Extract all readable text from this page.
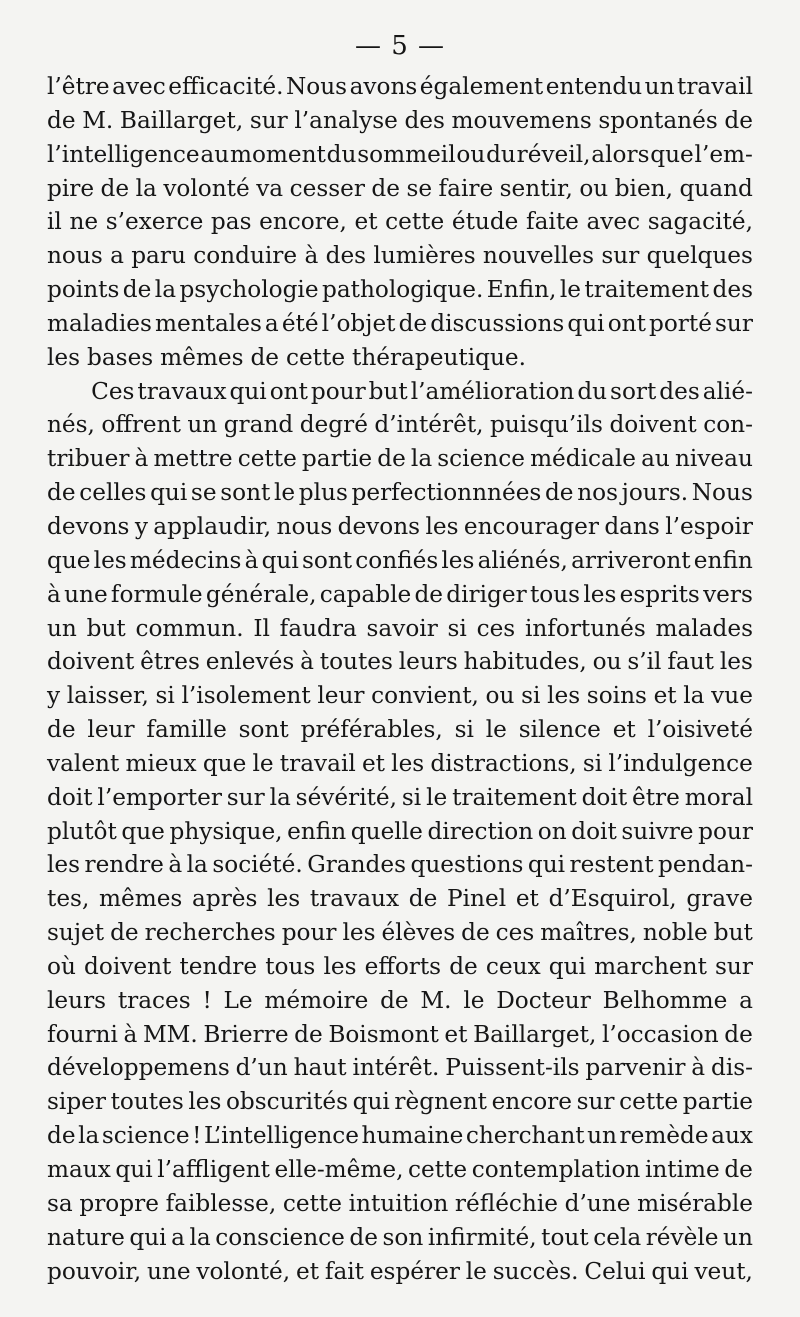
— 5 —
l’être avec efficacité. Nous avons également entendu un travail
de M. Baillarget, sur l’analyse des mouvemens spontanés de
l’intelligence au moment du sommeil ou du réveil, alors que l’em-
pire de la volonté va cesser de se faire sentir, ou bien, quand
il ne s’exerce pas encore, et cette étude faite avec sagacité,
nous a paru conduire à des lumières nouvelles sur quelques
points de la psychologie pathologique. Enfin, le traitement des
maladies mentales a été l’objet de discussions qui ont porté sur
les bases mêmes de cette thérapeutique.
Ces travaux qui ont pour but l’amélioration du sort des alié-
nés, offrent un grand degré d’intérêt, puisqu’ils doivent con-
tribuer à mettre cette partie de la science médicale au niveau
de celles qui se sont le plus perfectionnnées de nos jours. Nous
devons y applaudir, nous devons les encourager dans l’espoir
que les médecins à qui sont confiés les aliénés, arriveront enfin
à une formule générale, capable de diriger tous les esprits vers
un but commun. Il faudra savoir si ces infortunés malades
doivent êtres enlevés à toutes leurs habitudes, ou s’il faut les
y laisser, si l’isolement leur convient, ou si les soins et la vue
de leur famille sont préférables, si le silence et l’oisiveté
valent mieux que le travail et les distractions, si l’indulgence
doit l’emporter sur la sévérité, si le traitement doit être moral
plutôt que physique, enfin quelle direction on doit suivre pour
les rendre à la société. Grandes questions qui restent pendan-
tes, mêmes après les travaux de Pinel et d’Esquirol, grave
sujet de recherches pour les élèves de ces maîtres, noble but
où doivent tendre tous les efforts de ceux qui marchent sur
leurs traces ! Le mémoire de M. le Docteur Belhomme a
fourni à MM. Brierre de Boismont et Baillarget, l’occasion de
développemens d’un haut intérêt. Puissent-ils parvenir à dis-
siper toutes les obscurités qui règnent encore sur cette partie
de la science ! L’intelligence humaine cherchant un remède aux
maux qui l’affligent elle-même, cette contemplation intime de
sa propre faiblesse, cette intuition réfléchie d’une misérable
nature qui a la conscience de son infirmité, tout cela révèle un
pouvoir, une volonté, et fait espérer le succès. Celui qui veut,
